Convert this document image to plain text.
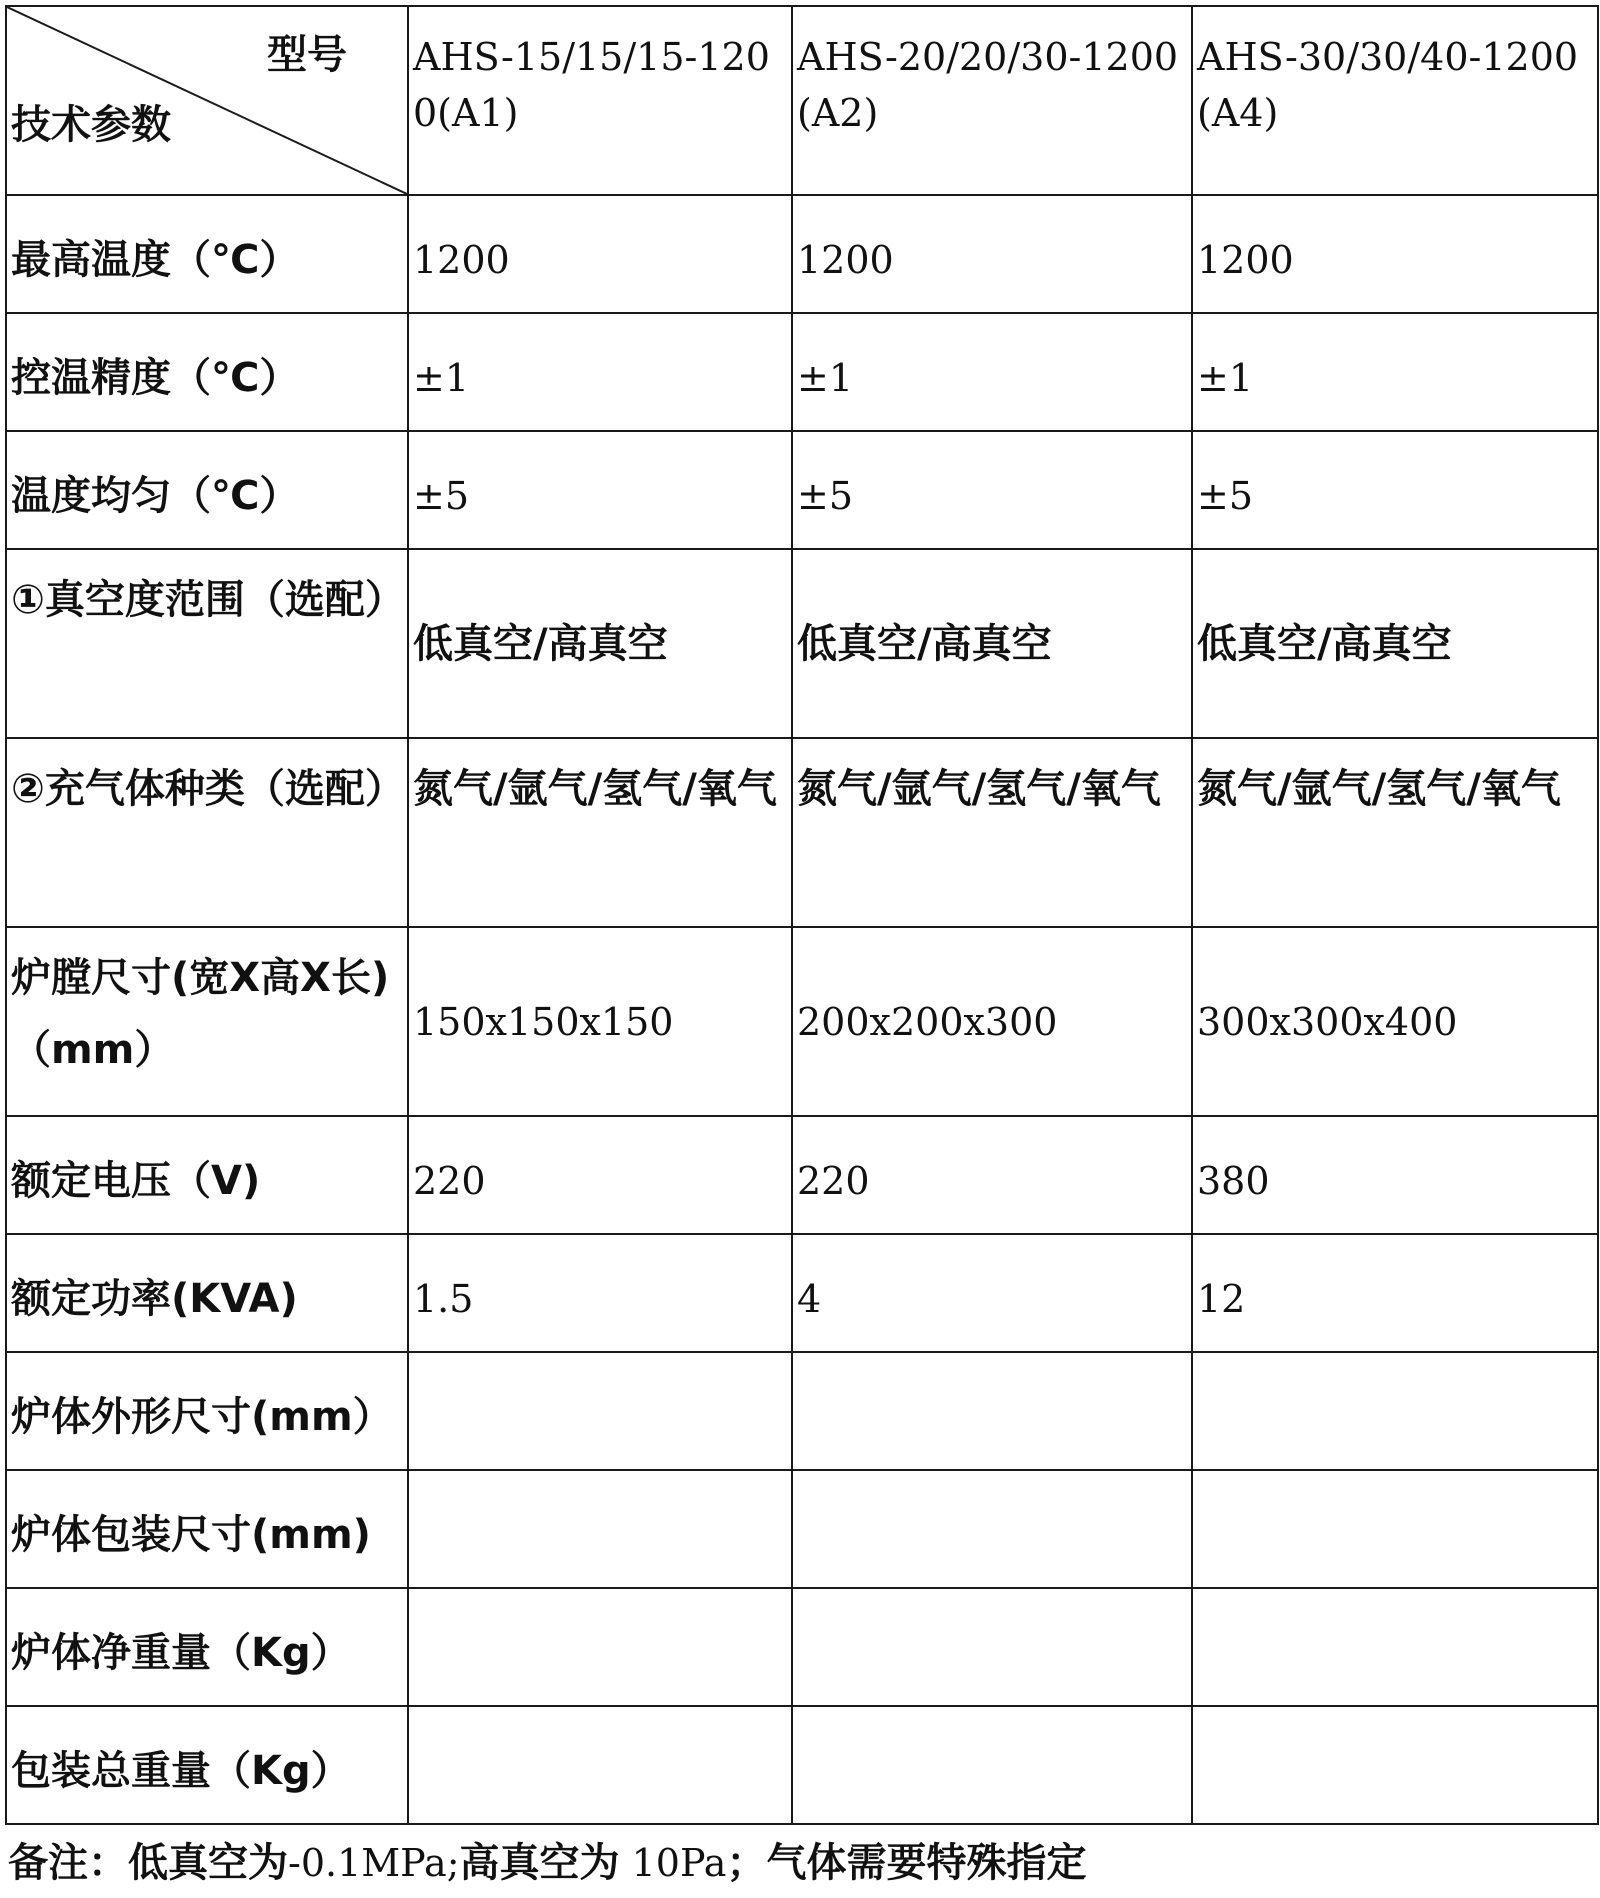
型号
技术参数	AHS-15/15/15-1200(A1)	AHS-20/20/30-1200(A2)	AHS-30/30/40-1200(A4)
最高温度（℃）	1200	1200	1200
控温精度（℃）	±1	±1	±1
温度均匀（℃）	±5	±5	±5
①真空度范围（选配）	低真空/高真空	低真空/高真空	低真空/高真空
②充气体种类（选配）	氮气/氩气/氢气/氧气	氮气/氩气/氢气/氧气	氮气/氩气/氢气/氧气
炉膛尺寸(宽X高X长)（mm）	150x150x150	200x200x300	300x300x400
额定电压（V)	220	220	380
额定功率(KVA)	1.5	4	12
炉体外形尺寸(mm）			
炉体包装尺寸(mm)			
炉体净重量（Kg）			
包装总重量（Kg）			
备注：低真空为-0.1MPa;高真空为 10Pa；气体需要特殊指定
